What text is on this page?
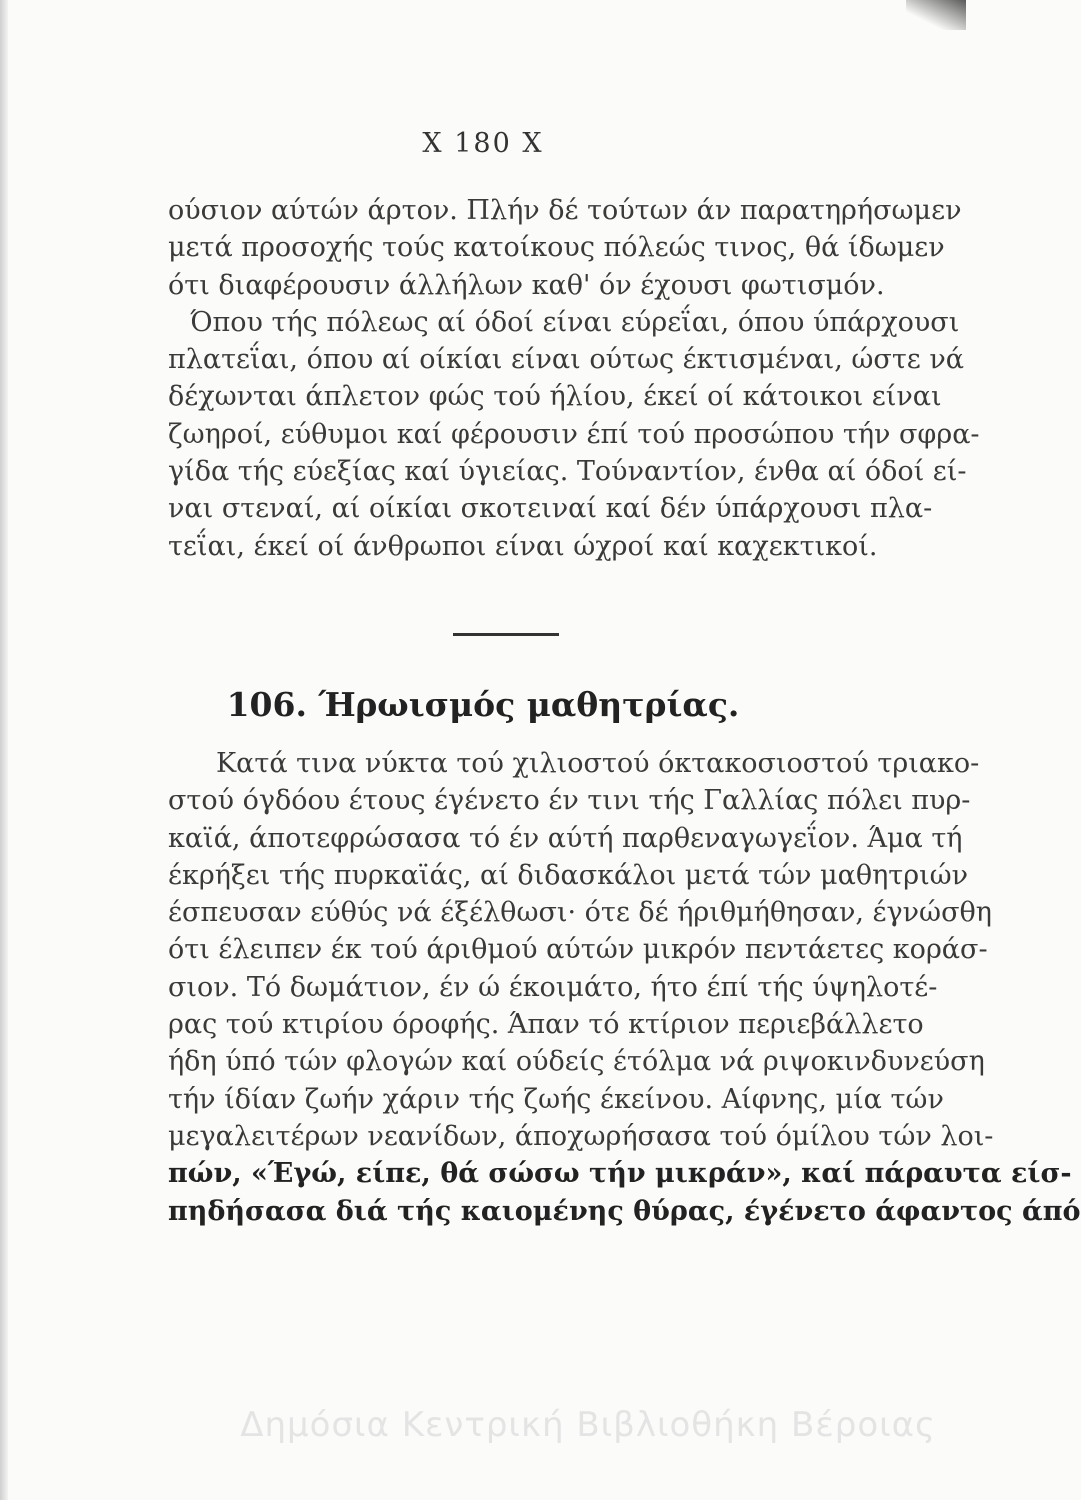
Χ 180 Χ
ούσιον αύτών άρτον. Πλήν δέ τούτων άν παρατηρήσωμεν
μετά προσοχής τούς κατοίκους πόλεώς τινος, θά ίδωμεν
ότι διαφέρουσιν άλλήλων καθ' όν έχουσι φωτισμόν.
Όπου τής πόλεως αί όδοί είναι εύρεΐαι, όπου ύπάρχουσι
πλατεΐαι, όπου αί οίκίαι είναι ούτως έκτισμέναι, ώστε νά
δέχωνται άπλετον φώς τού ήλίου, έκεί οί κάτοικοι είναι
ζωηροί, εύθυμοι καί φέρουσιν έπί τού προσώπου τήν σφρα-
γίδα τής εύεξίας καί ύγιείας. Τούναντίον, ένθα αί όδοί εί-
ναι στεναί, αί οίκίαι σκοτειναί καί δέν ύπάρχουσι πλα-
τεΐαι, έκεί οί άνθρωποι είναι ώχροί καί καχεκτικοί.
106. Ήρωισμός μαθητρίας.
Κατά τινα νύκτα τού χιλιοστού όκτακοσιοστού τριακο-
στού όγδόου έτους έγένετο έν τινι τής Γαλλίας πόλει πυρ-
καϊά, άποτεφρώσασα τό έν αύτή παρθεναγωγεΐον. Άμα τή
έκρήξει τής πυρκαϊάς, αί διδασκάλοι μετά τών μαθητριών
έσπευσαν εύθύς νά έξέλθωσι· ότε δέ ήριθμήθησαν, έγνώσθη
ότι έλειπεν έκ τού άριθμού αύτών μικρόν πεντάετες κοράσ-
σιον. Τό δωμάτιον, έν ώ έκοιμάτο, ήτο έπί τής ύψηλοτέ-
ρας τού κτιρίου όροφής. Άπαν τό κτίριον περιεβάλλετο
ήδη ύπό τών φλογών καί ούδείς έτόλμα νά ριψοκινδυνεύση
τήν ίδίαν ζωήν χάριν τής ζωής έκείνου. Αίφνης, μία τών
μεγαλειτέρων νεανίδων, άποχωρήσασα τού όμίλου τών λοι-
πών, «Έγώ, είπε, θά σώσω τήν μικράν», καί πάραυτα είσ-
πηδήσασα διά τής καιομένης θύρας, έγένετο άφαντος άπό
Δημόσια Κεντρική Βιβλιοθήκη Βέροιας
